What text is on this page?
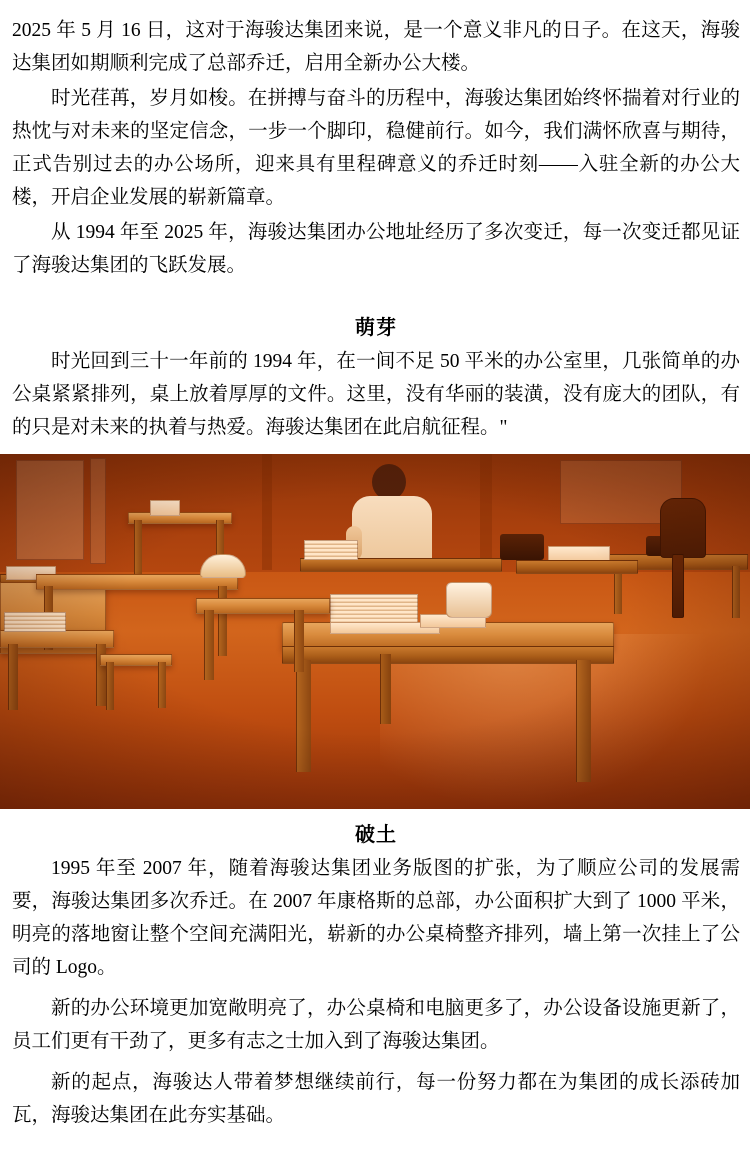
2025 年 5 月 16 日，这对于海骏达集团来说，是一个意义非凡的日子。在这天，海骏达集团如期顺利完成了总部乔迁，启用全新办公大楼。

时光荏苒，岁月如梭。在拼搏与奋斗的历程中，海骏达集团始终怀揣着对行业的热忱与对未来的坚定信念，一步一个脚印，稳健前行。如今，我们满怀欣喜与期待，正式告别过去的办公场所，迎来具有里程碑意义的乔迁时刻——入驻全新的办公大楼，开启企业发展的崭新篇章。

从 1994 年至 2025 年，海骏达集团办公地址经历了多次变迁，每一次变迁都见证了海骏达集团的飞跃发展。

萌芽

时光回到三十一年前的 1994 年，在一间不足 50 平米的办公室里，几张简单的办公桌紧紧排列，桌上放着厚厚的文件。这里，没有华丽的装潢，没有庞大的团队，有的只是对未来的执着与热爱。海骏达集团在此启航征程。"

破土

1995 年至 2007 年，随着海骏达集团业务版图的扩张，为了顺应公司的发展需要，海骏达集团多次乔迁。在 2007 年康格斯的总部，办公面积扩大到了 1000 平米，明亮的落地窗让整个空间充满阳光，崭新的办公桌椅整齐排列，墙上第一次挂上了公司的 Logo。

新的办公环境更加宽敞明亮了，办公桌椅和电脑更多了，办公设备设施更新了，员工们更有干劲了，更多有志之士加入到了海骏达集团。

新的起点，海骏达人带着梦想继续前行，每一份努力都在为集团的成长添砖加瓦，海骏达集团在此夯实基础。
